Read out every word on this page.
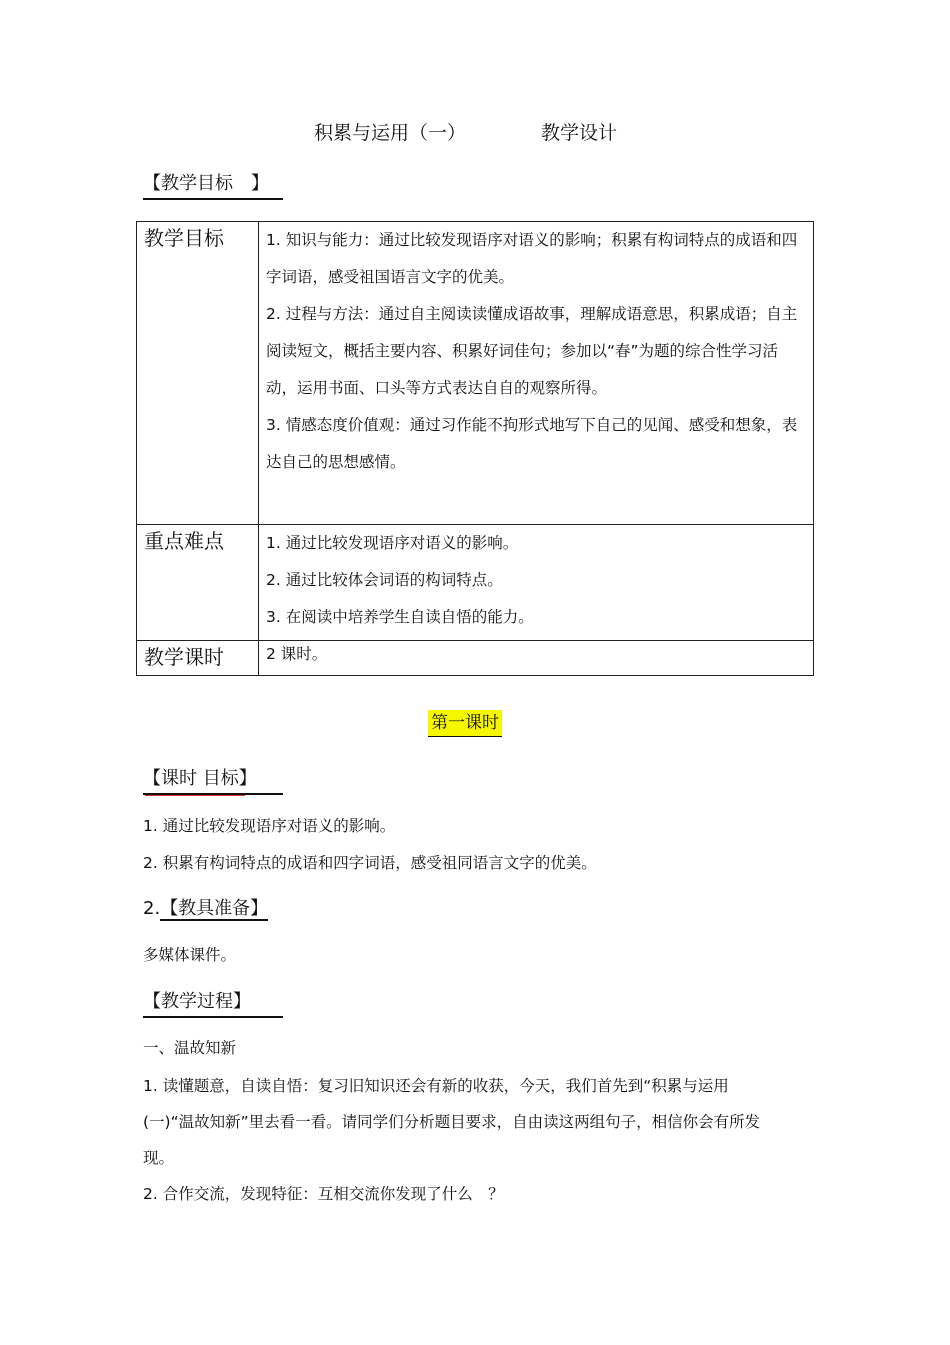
积累与运用（一）	教学设计
【教学目标　】
教学目标	1. 知识与能力：通过比较发现语序对语义的影响；积累有构词特点的成语和四字词语，感受祖国语言文字的优美。

2. 过程与方法：通过自主阅读读懂成语故事，理解成语意思，积累成语；自主阅读短文，概括主要内容、积累好词佳句；参加以“春”为题的综合性学习活动，运用书面、口头等方式表达自自的观察所得。

3. 情感态度价值观：通过习作能不拘形式地写下自己的见闻、感受和想象，表达自己的思想感情。

重点难点	1. 通过比较发现语序对语义的影响。

2. 通过比较体会词语的构词特点。

3. 在阅读中培养学生自读自悟的能力。

教学课时	2 课时。

第一课时
【课时 目标】
1. 通过比较发现语序对语义的影响。
2. 积累有构词特点的成语和四字词语，感受祖同语言文字的优美。
2.【教具准备】
多媒体课件。
【教学过程】
一、温故知新
1. 读懂题意，自读自悟：复习旧知识还会有新的收获，今天，我们首先到“积累与运用 (一)“温故知新”里去看一看。请同学们分析题目要求，自由读这两组句子，相信你会有所发现。
2. 合作交流，发现特征：互相交流你发现了什么　？
